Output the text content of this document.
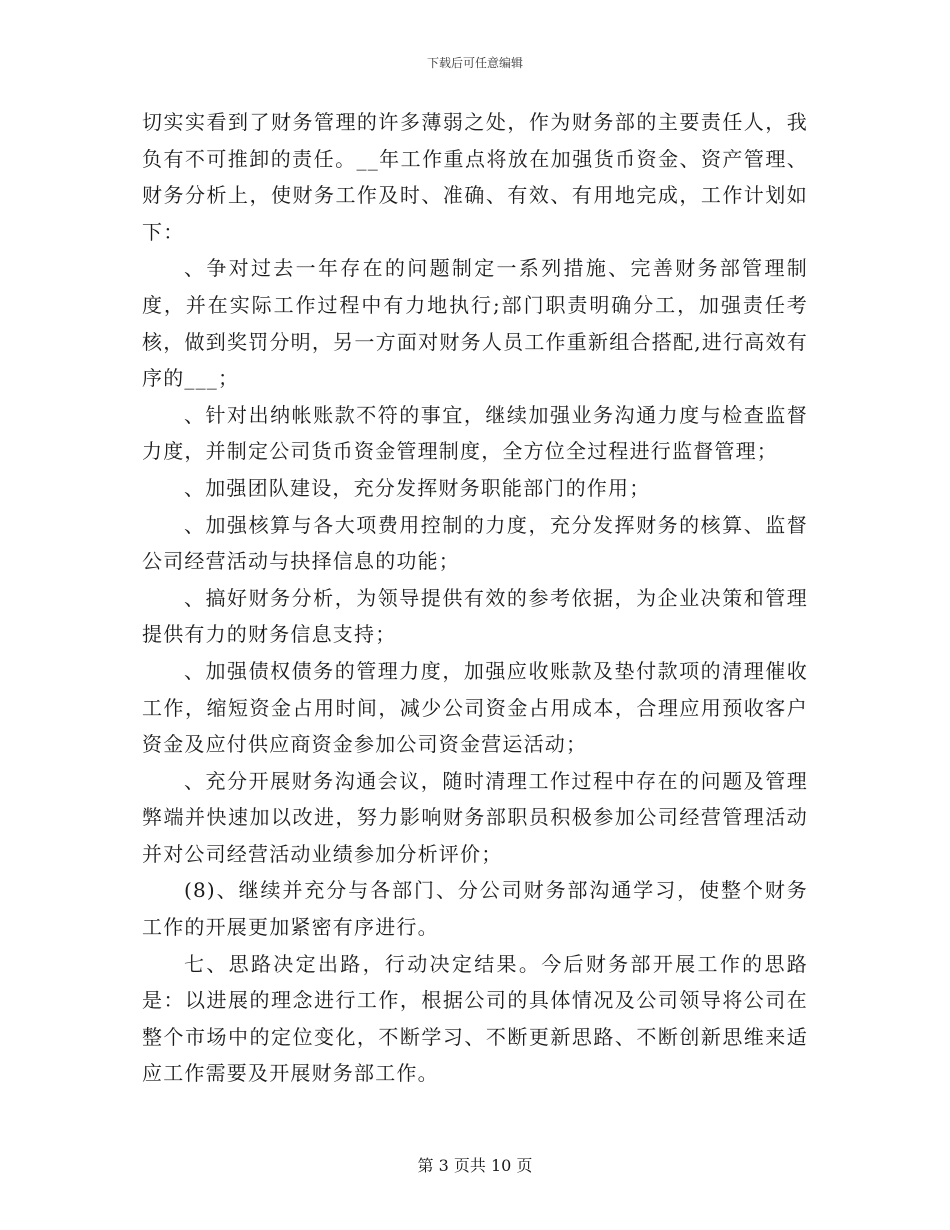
下载后可任意编辑

切实实看到了财务管理的许多薄弱之处，作为财务部的主要责任人，我负有不可推卸的责任。__年工作重点将放在加强货币资金、资产管理、财务分析上，使财务工作及时、准确、有效、有用地完成，工作计划如下：

、争对过去一年存在的问题制定一系列措施、完善财务部管理制度，并在实际工作过程中有力地执行;部门职责明确分工，加强责任考核，做到奖罚分明，另一方面对财务人员工作重新组合搭配,进行高效有序的___；

、针对出纳帐账款不符的事宜，继续加强业务沟通力度与检查监督力度，并制定公司货币资金管理制度，全方位全过程进行监督管理；

、加强团队建设，充分发挥财务职能部门的作用；

、加强核算与各大项费用控制的力度，充分发挥财务的核算、监督公司经营活动与抉择信息的功能；

、搞好财务分析，为领导提供有效的参考依据，为企业决策和管理提供有力的财务信息支持；

、加强债权债务的管理力度，加强应收账款及垫付款项的清理催收工作，缩短资金占用时间，减少公司资金占用成本，合理应用预收客户资金及应付供应商资金参加公司资金营运活动；

、充分开展财务沟通会议，随时清理工作过程中存在的问题及管理弊端并快速加以改进，努力影响财务部职员积极参加公司经营管理活动并对公司经营活动业绩参加分析评价；

(8)、继续并充分与各部门、分公司财务部沟通学习，使整个财务工作的开展更加紧密有序进行。

七、思路决定出路，行动决定结果。今后财务部开展工作的思路是：以进展的理念进行工作，根据公司的具体情况及公司领导将公司在整个市场中的定位变化，不断学习、不断更新思路、不断创新思维来适应工作需要及开展财务部工作。

第 3 页共 10 页
